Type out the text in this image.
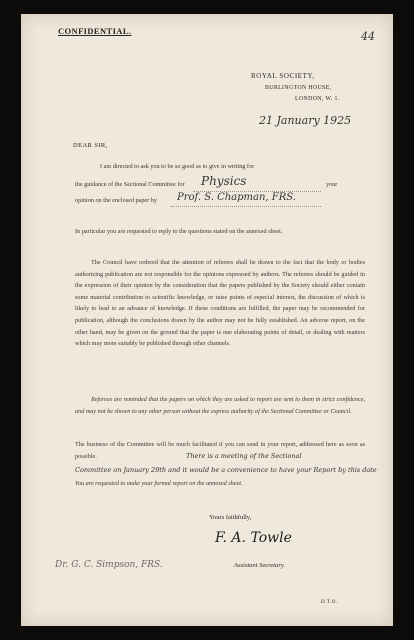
44
CONFIDENTIAL.
ROYAL SOCIETY,
BURLINGTON HOUSE,
LONDON, W. 1.
21 January 1925
DEAR SIR,
I am directed to ask you to be so good as to give in writing for
the guidance of the Sectional Committee for Physics	your
opinion on the enclosed paper by Prof. S. Chapman, FRS.
In particular you are requested to reply to the questions stated on the annexed sheet.
The Council have ordered that the attention of referees shall be drawn to the fact that the body or bodies authorizing publication are not responsible for the opinions expressed by authors. The referees should be guided in the expression of their opinion by the consideration that the papers published by the Society should either contain some material contribution to scientific knowledge, or raise points of especial interest, the discussion of which is likely to lead to an advance of knowledge. If these conditions are fulfilled, the paper may be recommended for publication, although the conclusions drawn by the author may not be fully established. An adverse report, on the other hand, may be given on the ground that the paper is one elaborating points of detail, or dealing with matters which may more suitably be published through other channels.
Referees are reminded that the papers on which they are asked to report are sent to them in strict confidence, and may not be shown to any other person without the express authority of the Sectional Committee or Council.
The business of the Committee will be much facilitated if you can send in your report, addressed here as soon as possible.	There is a meeting of the Sectional
Committee on January 29th and it would be a convenience to have your Report by this date
You are requested to make your formal report on the annexed sheet.
Yours faithfully,
F. A. Towle
Assistant Secretary.
Dr. G. C. Simpson, FRS.
D.T.O.
